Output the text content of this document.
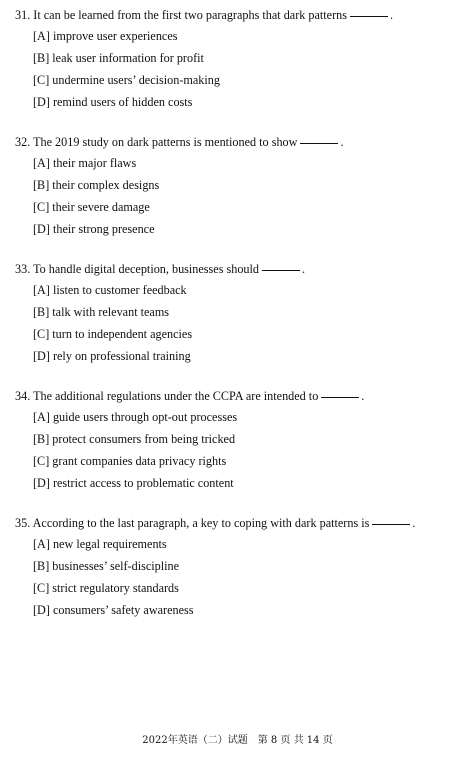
31. It can be learned from the first two paragraphs that dark patterns	.
[A] improve user experiences
[B] leak user information for profit
[C] undermine users’ decision-making
[D] remind users of hidden costs
32. The 2019 study on dark patterns is mentioned to show	.
[A] their major flaws
[B] their complex designs
[C] their severe damage
[D] their strong presence
33. To handle digital deception, businesses should	.
[A] listen to customer feedback
[B] talk with relevant teams
[C] turn to independent agencies
[D] rely on professional training
34. The additional regulations under the CCPA are intended to	.
[A] guide users through opt-out processes
[B] protect consumers from being tricked
[C] grant companies data privacy rights
[D] restrict access to problematic content
35. According to the last paragraph, a key to coping with dark patterns is	.
[A] new legal requirements
[B] businesses’ self-discipline
[C] strict regulatory standards
[D] consumers’ safety awareness
2022年英语（二）试题　第 8 页 共 14 页
